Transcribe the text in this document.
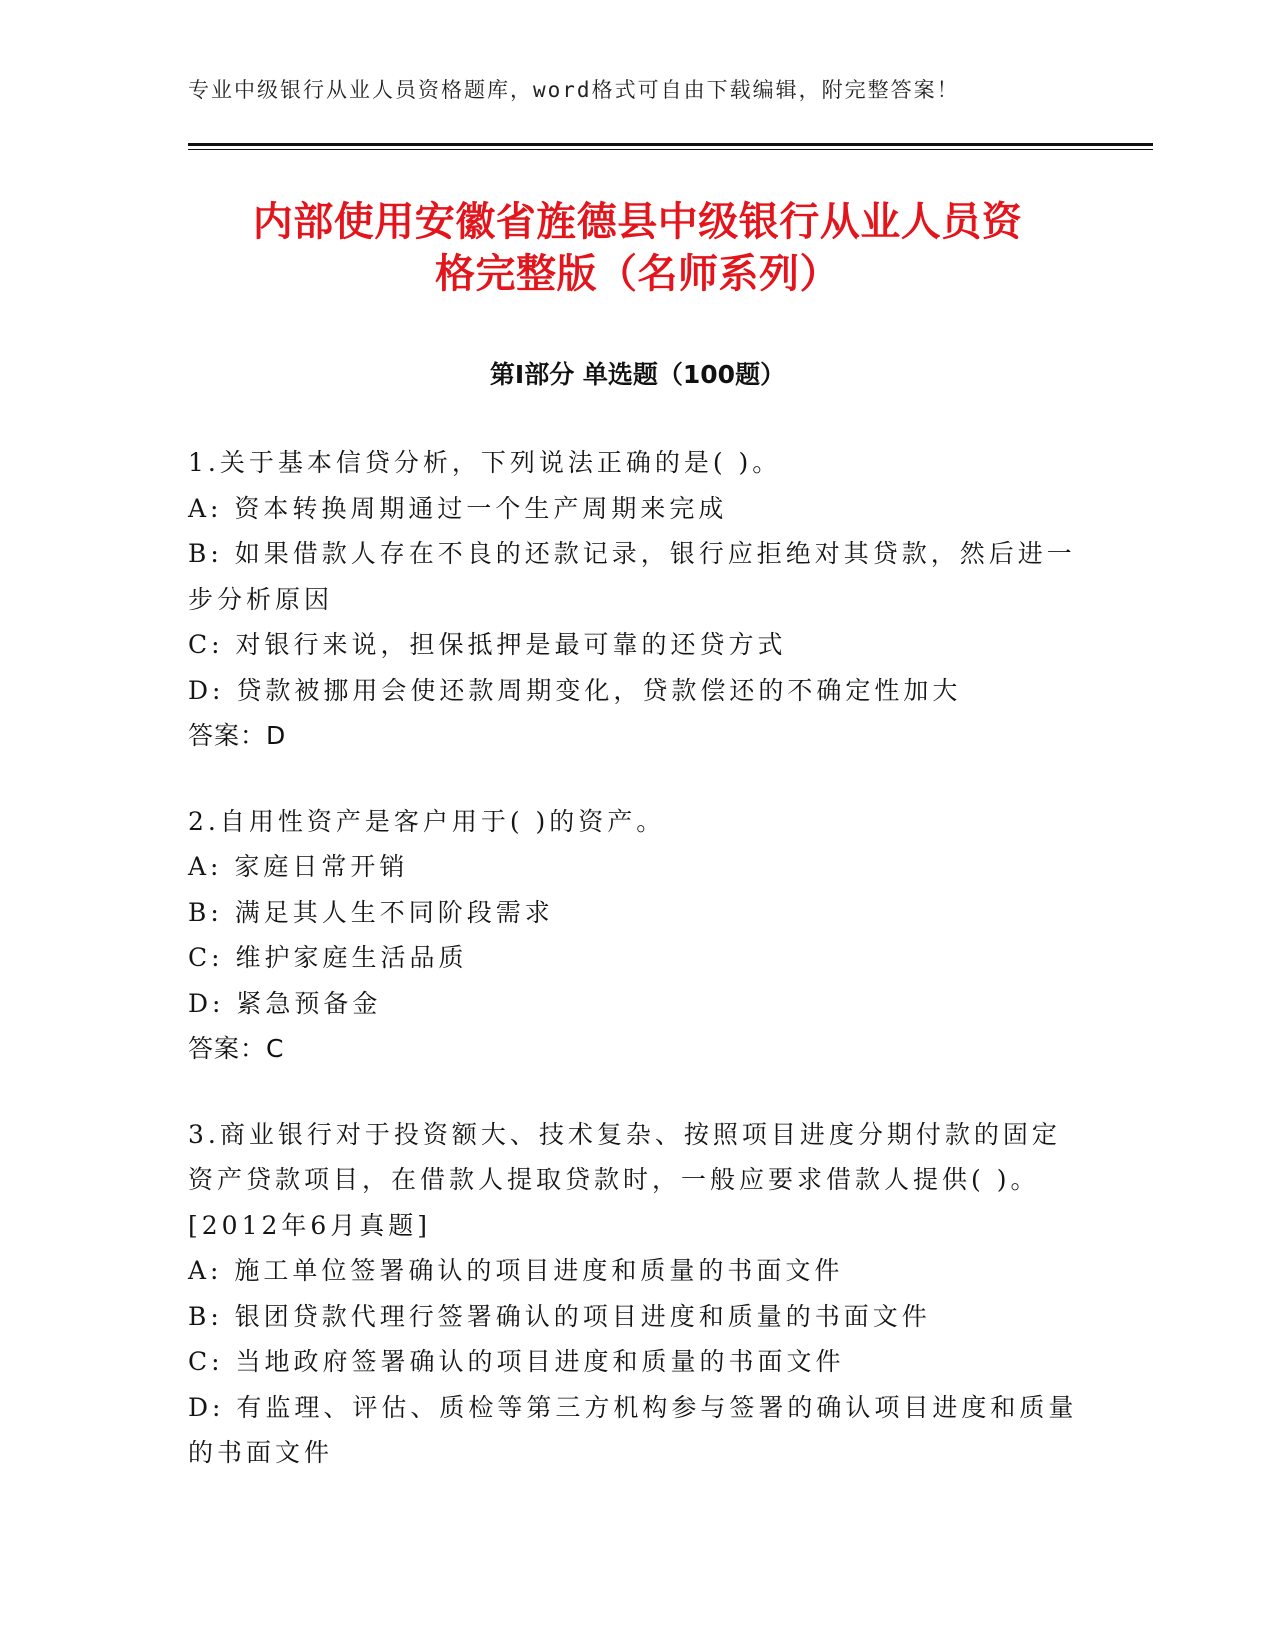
专业中级银行从业人员资格题库，word格式可自由下载编辑，附完整答案！
内部使用安徽省旌德县中级银行从业人员资
格完整版（名师系列）
第Ⅰ部分 单选题（100题）
1.关于基本信贷分析，下列说法正确的是( )。
A: 资本转换周期通过一个生产周期来完成
B: 如果借款人存在不良的还款记录，银行应拒绝对其贷款，然后进一
步分析原因
C: 对银行来说，担保抵押是最可靠的还贷方式
D: 贷款被挪用会使还款周期变化，贷款偿还的不确定性加大
答案：D
2.自用性资产是客户用于( )的资产。
A: 家庭日常开销
B: 满足其人生不同阶段需求
C: 维护家庭生活品质
D: 紧急预备金
答案：C
3.商业银行对于投资额大、技术复杂、按照项目进度分期付款的固定
资产贷款项目，在借款人提取贷款时，一般应要求借款人提供( )。
[2012年6月真题]
A: 施工单位签署确认的项目进度和质量的书面文件
B: 银团贷款代理行签署确认的项目进度和质量的书面文件
C: 当地政府签署确认的项目进度和质量的书面文件
D: 有监理、评估、质检等第三方机构参与签署的确认项目进度和质量
的书面文件
